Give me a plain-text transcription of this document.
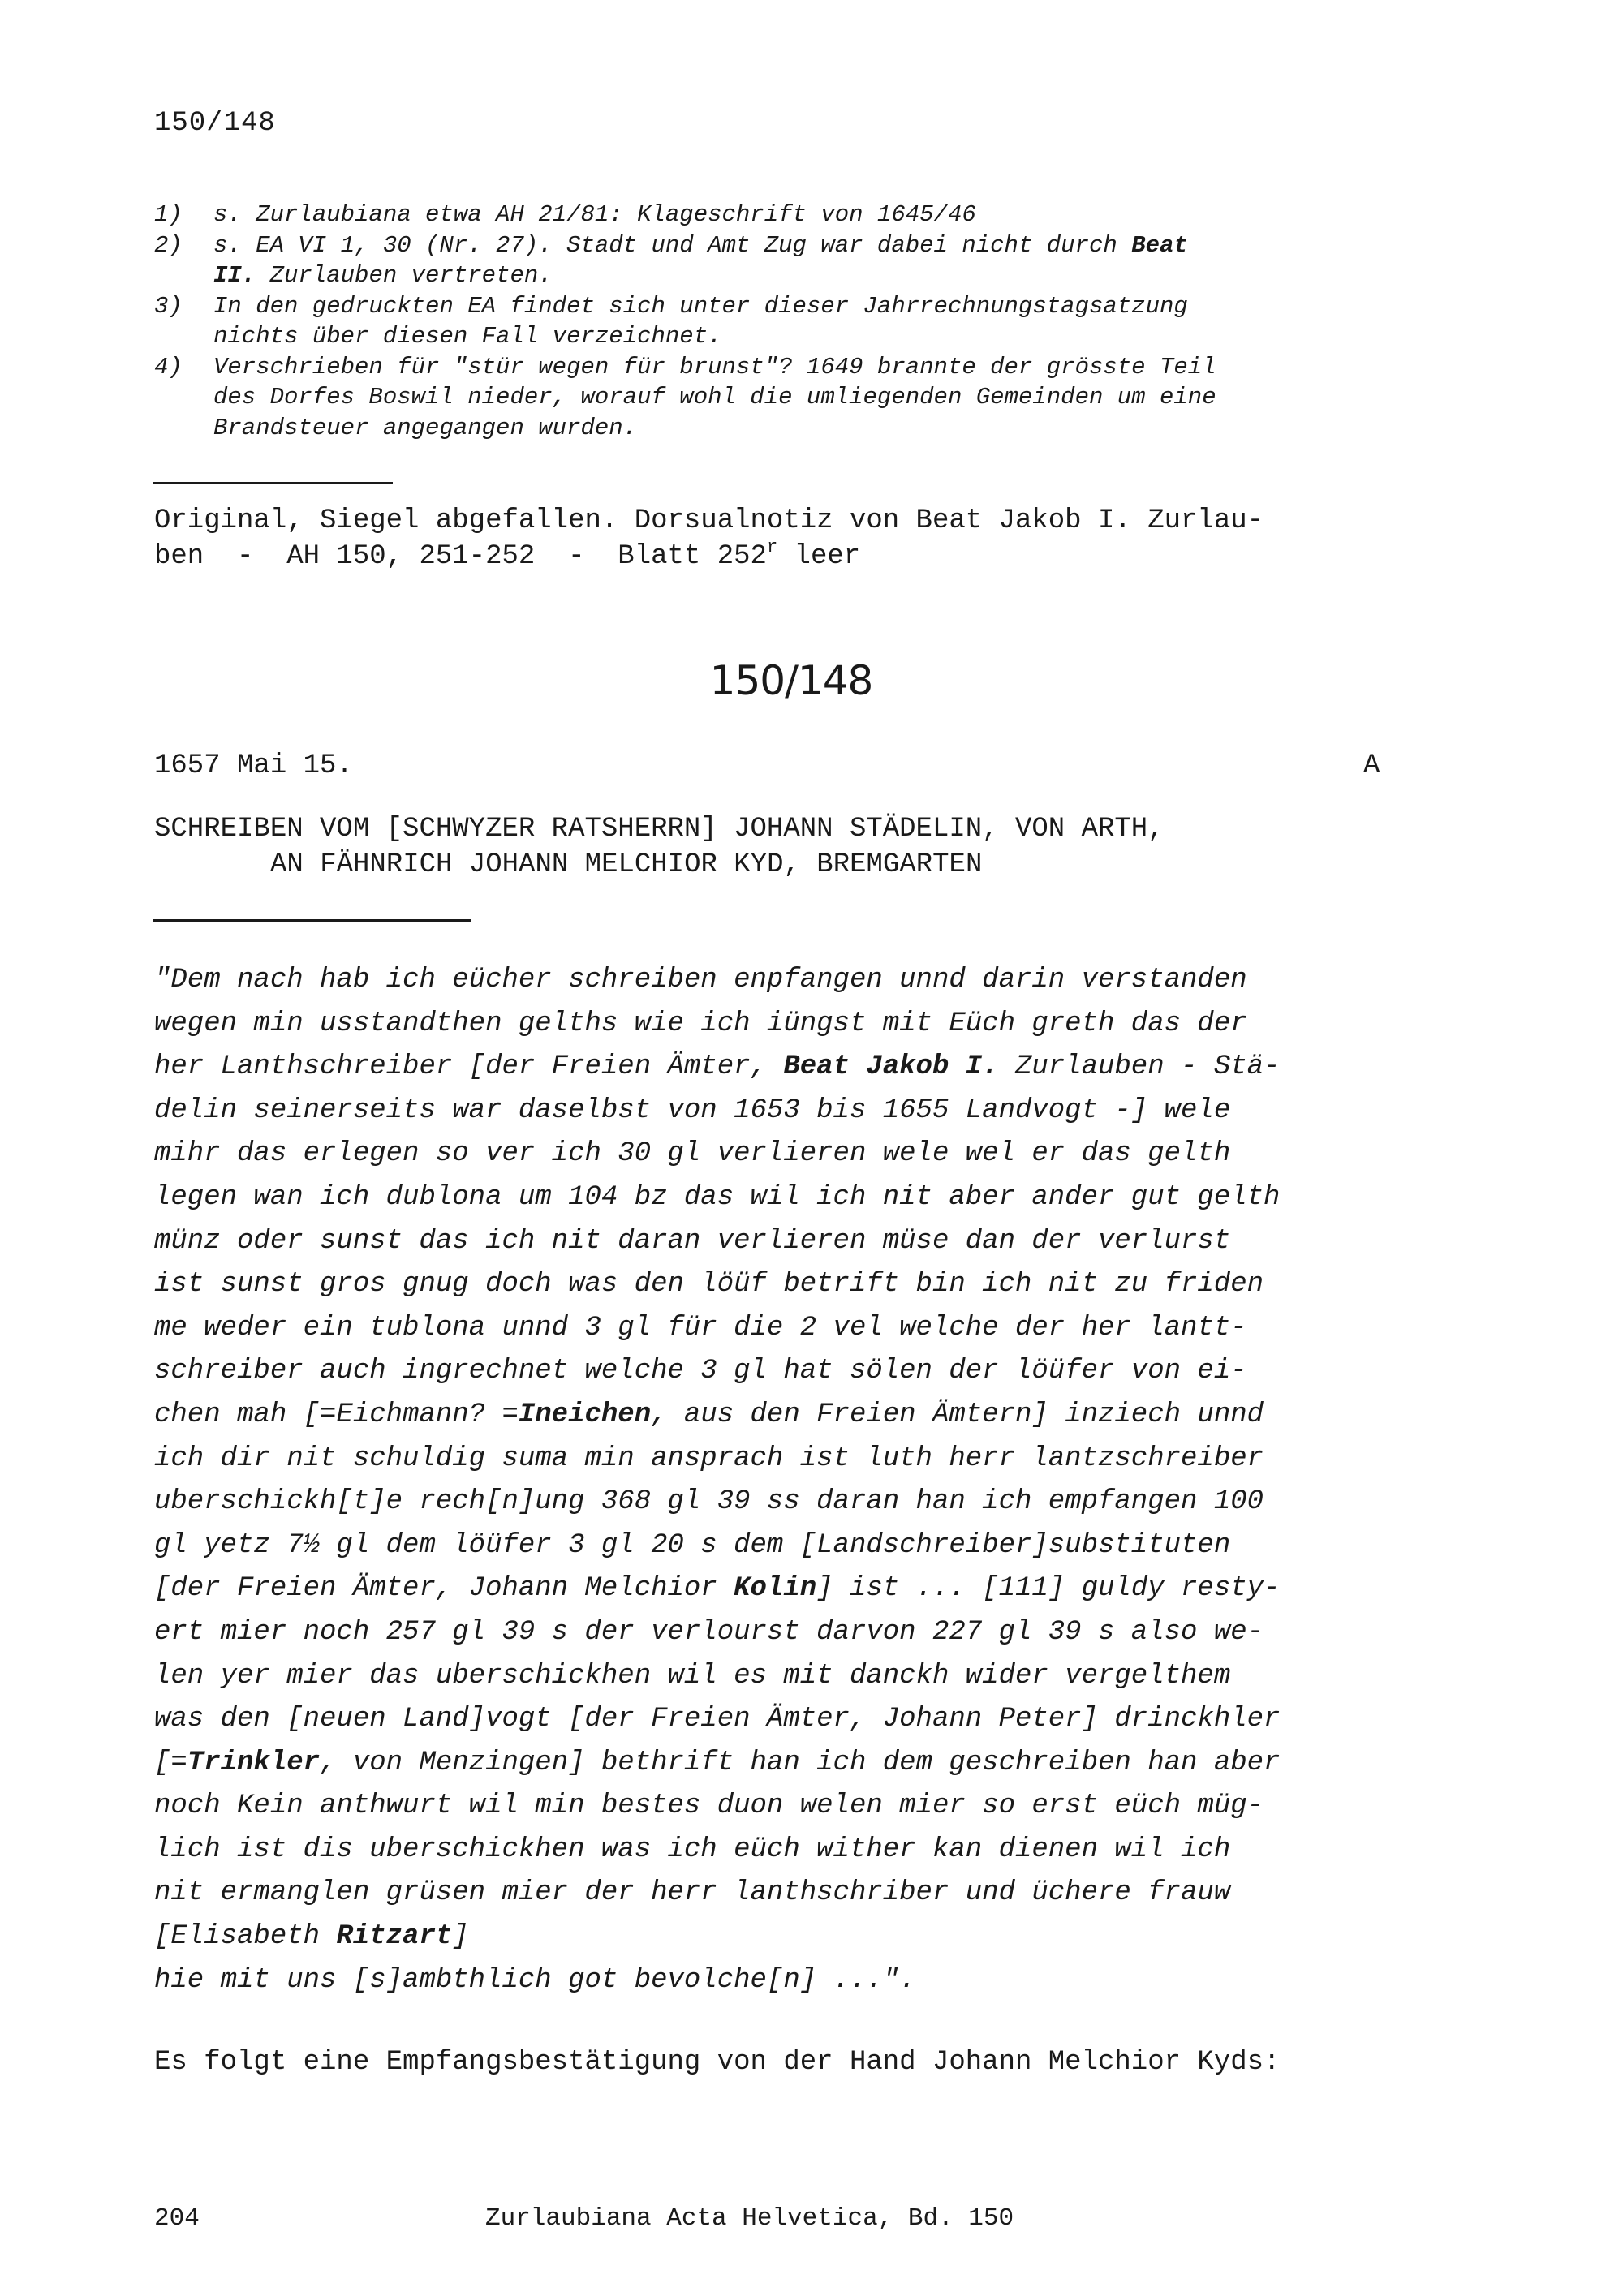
150/148
1)	s. Zurlaubiana etwa AH 21/81: Klageschrift von 1645/46
2)	s. EA VI 1, 30 (Nr. 27). Stadt und Amt Zug war dabei nicht durch Beat
II. Zurlauben vertreten.
3)	In den gedruckten EA findet sich unter dieser Jahrrechnungstagsatzung
nichts über diesen Fall verzeichnet.
4)	Verschrieben für "stür wegen für brunst"? 1649 brannte der grösste Teil
des Dorfes Boswil nieder, worauf wohl die umliegenden Gemeinden um eine
Brandsteuer angegangen wurden.
Original, Siegel abgefallen. Dorsualnotiz von Beat Jakob I. Zurlau-
ben  -  AH 150, 251-252  -  Blatt 252$^r$ leer
150/148
1657 Mai 15.	A
SCHREIBEN VOM [SCHWYZER RATSHERRN] JOHANN STÄDELIN, VON ARTH,
AN FÄHNRICH JOHANN MELCHIOR KYD, BREMGARTEN
"Dem nach hab ich eücher schreiben enpfangen unnd darin verstanden
wegen min usstandthen gelths wie ich iüngst mit Eüch greth das der
her Lanthschreiber [der Freien Ämter, Beat Jakob I. Zurlauben - Stä-
delin seinerseits war daselbst von 1653 bis 1655 Landvogt -] wele
mihr das erlegen so ver ich 30 gl verlieren wele wel er das gelth
legen wan ich dublona um 104 bz das wil ich nit aber ander gut gelth
münz oder sunst das ich nit daran verlieren müse dan der verlurst
ist sunst gros gnug doch was den löüf betrift bin ich nit zu friden
me weder ein tublona unnd 3 gl für die 2 vel welche der her lantt-
schreiber auch ingrechnet welche 3 gl hat sölen der löüfer von ei-
chen mah [=Eichmann? =Ineichen, aus den Freien Ämtern] inziech unnd
ich dir nit schuldig suma min ansprach ist luth herr lantzschreiber
uberschickh[t]e rech[n]ung 368 gl 39 ss daran han ich empfangen 100
gl yetz 7½ gl dem löüfer 3 gl 20 s dem [Landschreiber]substituten
[der Freien Ämter, Johann Melchior Kolin] ist ... [111] guldy resty-
ert mier noch 257 gl 39 s der verlourst darvon 227 gl 39 s also we-
len yer mier das uberschickhen wil es mit danckh wider vergelthem
was den [neuen Land]vogt [der Freien Ämter, Johann Peter] drinckhler
[=Trinkler, von Menzingen] bethrift han ich dem geschreiben han aber
noch Kein anthwurt wil min bestes duon welen mier so erst eüch müg-
lich ist dis uberschickhen was ich eüch wither kan dienen wil ich
nit ermanglen grüsen mier der herr lanthschriber und üchere frauw
[Elisabeth Ritzart]
hie mit uns [s]ambthlich got bevolche[n] ...".
Es folgt eine Empfangsbestätigung von der Hand Johann Melchior Kyds:
204	Zurlaubiana Acta Helvetica, Bd. 150
